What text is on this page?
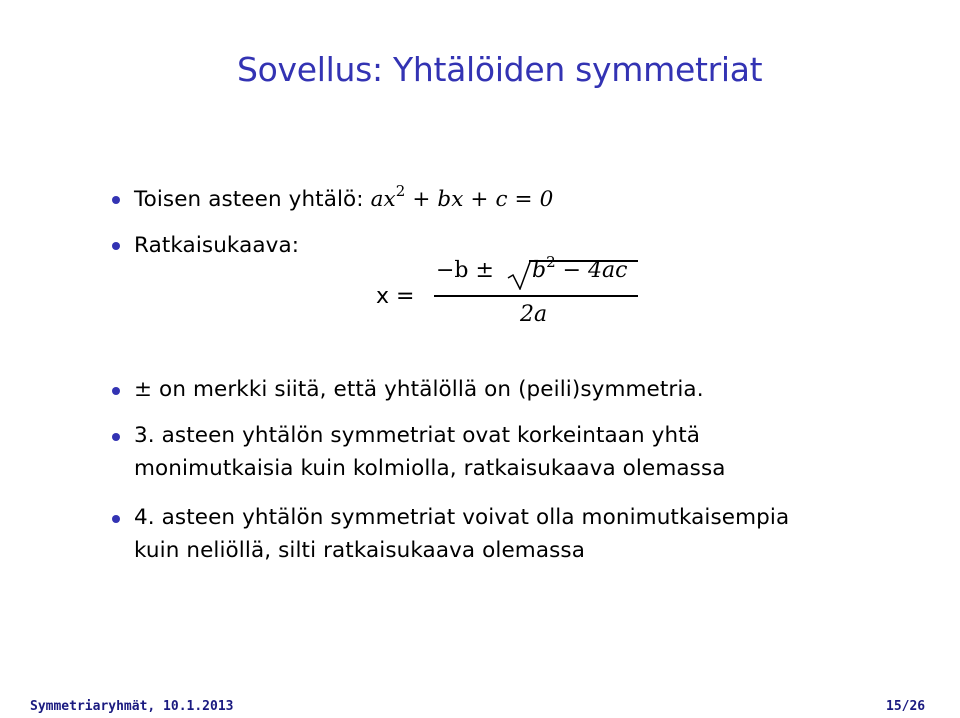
Sovellus: Yhtälöiden symmetriat
Toisen asteen yhtälö: $ax^2$ + bx + c = 0
Ratkaisukaava:
x =
$-b \pm b^2 - 4ac$
2a
± on merkki siitä, että yhtälöllä on (peili)symmetria.
3. asteen yhtälön symmetriat ovat korkeintaan yhtä
monimutkaisia kuin kolmiolla, ratkaisukaava olemassa
4. asteen yhtälön symmetriat voivat olla monimutkaisempia
kuin neliöllä, silti ratkaisukaava olemassa
Symmetriaryhmät, 10.1.2013	15/26
